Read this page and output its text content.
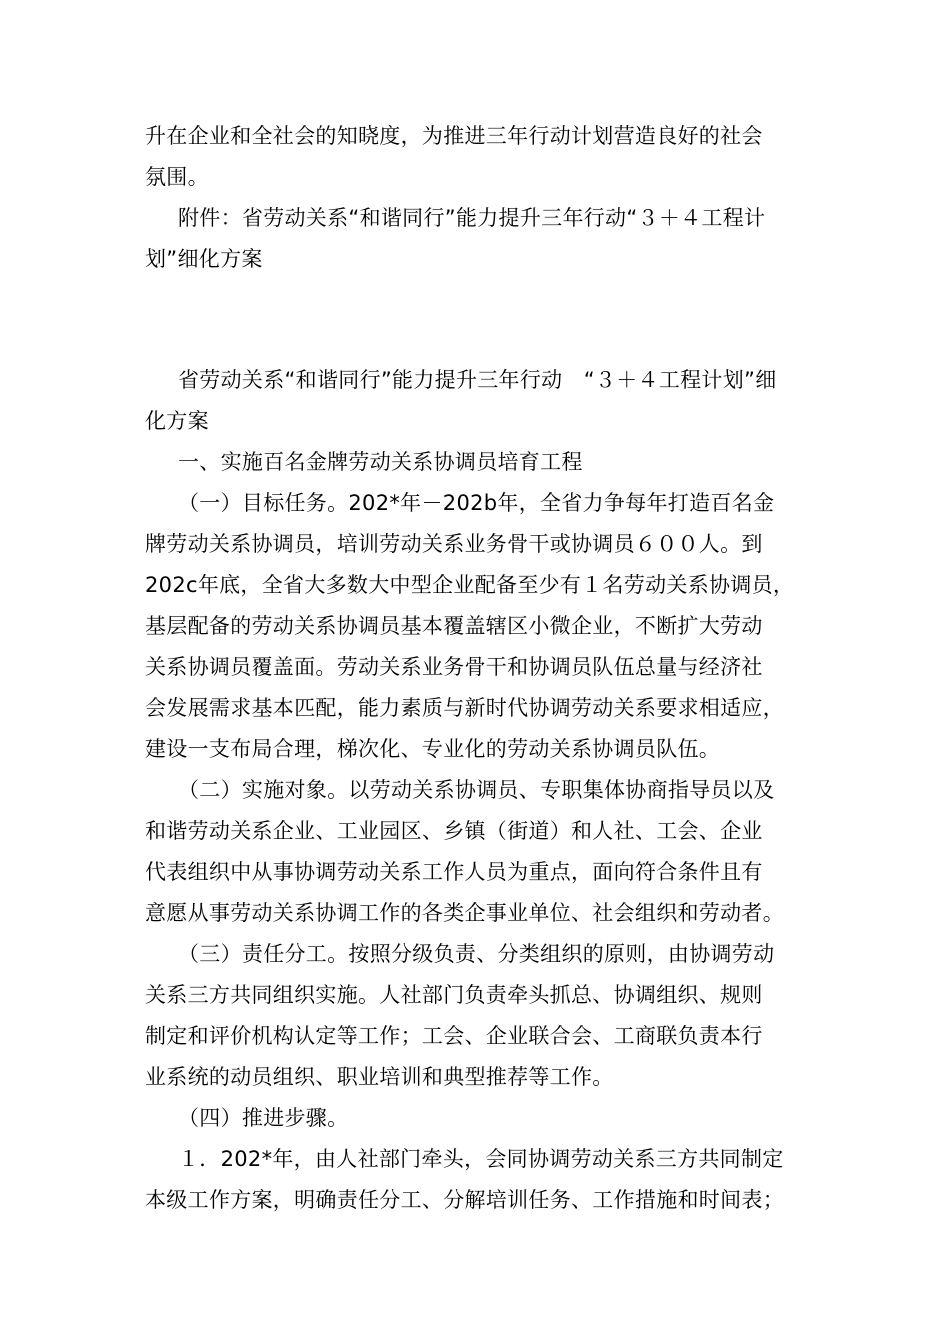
升在企业和全社会的知晓度，为推进三年行动计划营造良好的社会
氛围。
附件：省劳动关系“和谐同行”能力提升三年行动“３＋４工程计
划”细化方案
省劳动关系“和谐同行”能力提升三年行动　“３＋４工程计划”细
化方案
一、实施百名金牌劳动关系协调员培育工程
（一）目标任务。202*年－202b年，全省力争每年打造百名金
牌劳动关系协调员，培训劳动关系业务骨干或协调员６００人。到
202c年底，全省大多数大中型企业配备至少有１名劳动关系协调员，
基层配备的劳动关系协调员基本覆盖辖区小微企业，不断扩大劳动
关系协调员覆盖面。劳动关系业务骨干和协调员队伍总量与经济社
会发展需求基本匹配，能力素质与新时代协调劳动关系要求相适应，
建设一支布局合理，梯次化、专业化的劳动关系协调员队伍。
（二）实施对象。以劳动关系协调员、专职集体协商指导员以及
和谐劳动关系企业、工业园区、乡镇（街道）和人社、工会、企业
代表组织中从事协调劳动关系工作人员为重点，面向符合条件且有
意愿从事劳动关系协调工作的各类企事业单位、社会组织和劳动者。
（三）责任分工。按照分级负责、分类组织的原则，由协调劳动
关系三方共同组织实施。人社部门负责牵头抓总、协调组织、规则
制定和评价机构认定等工作；工会、企业联合会、工商联负责本行
业系统的动员组织、职业培训和典型推荐等工作。
（四）推进步骤。
１．202*年，由人社部门牵头，会同协调劳动关系三方共同制定
本级工作方案，明确责任分工、分解培训任务、工作措施和时间表；
